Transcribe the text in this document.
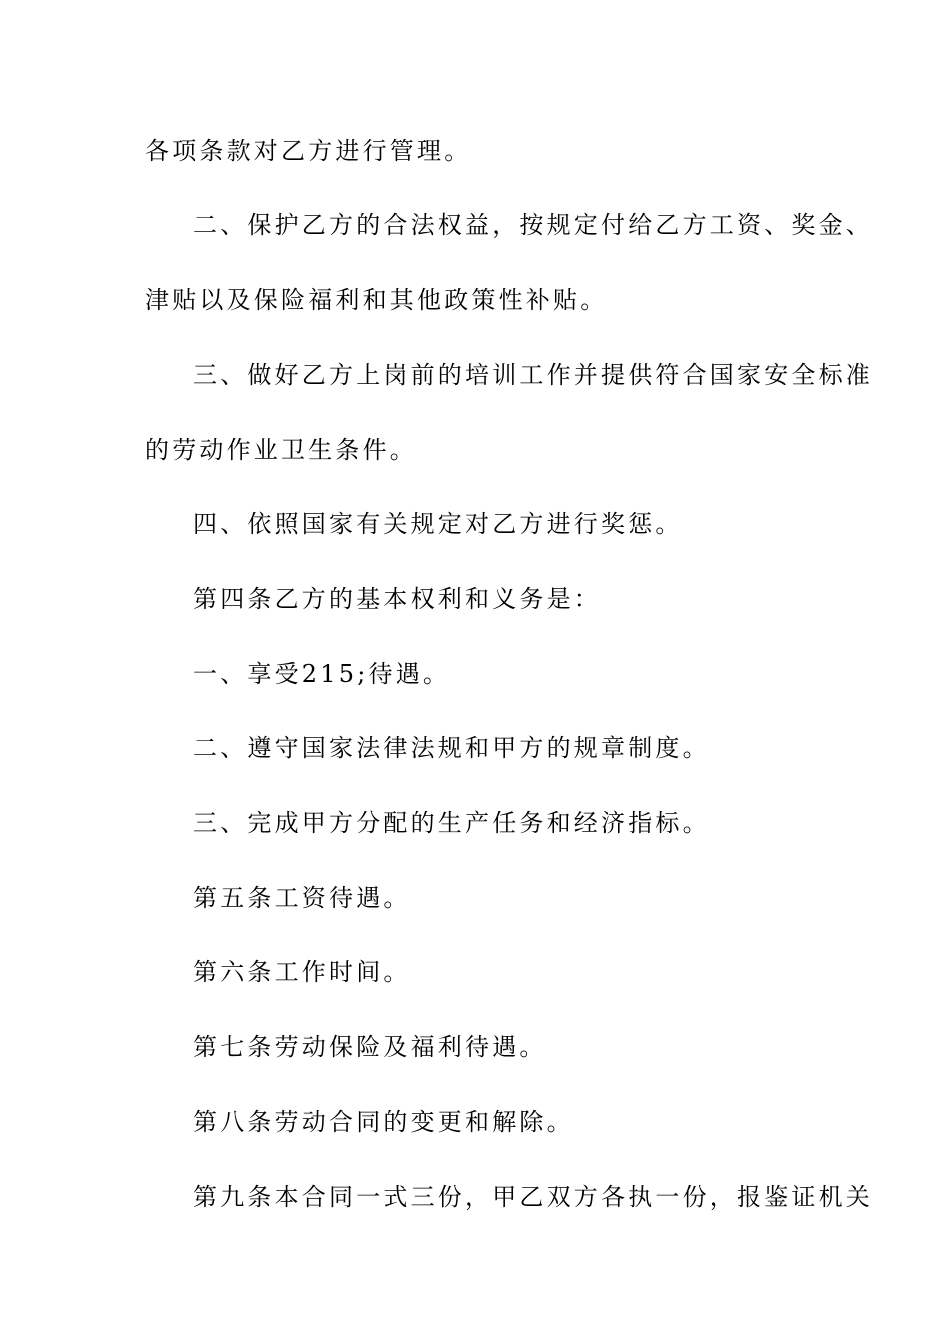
各项条款对乙方进行管理。
二、保护乙方的合法权益，按规定付给乙方工资、奖金、
津贴以及保险福利和其他政策性补贴。
三、做好乙方上岗前的培训工作并提供符合国家安全标准
的劳动作业卫生条件。
四、依照国家有关规定对乙方进行奖惩。
第四条乙方的基本权利和义务是：
一、享受215;待遇。
二、遵守国家法律法规和甲方的规章制度。
三、完成甲方分配的生产任务和经济指标。
第五条工资待遇。
第六条工作时间。
第七条劳动保险及福利待遇。
第八条劳动合同的变更和解除。
第九条本合同一式三份，甲乙双方各执一份，报鉴证机关
